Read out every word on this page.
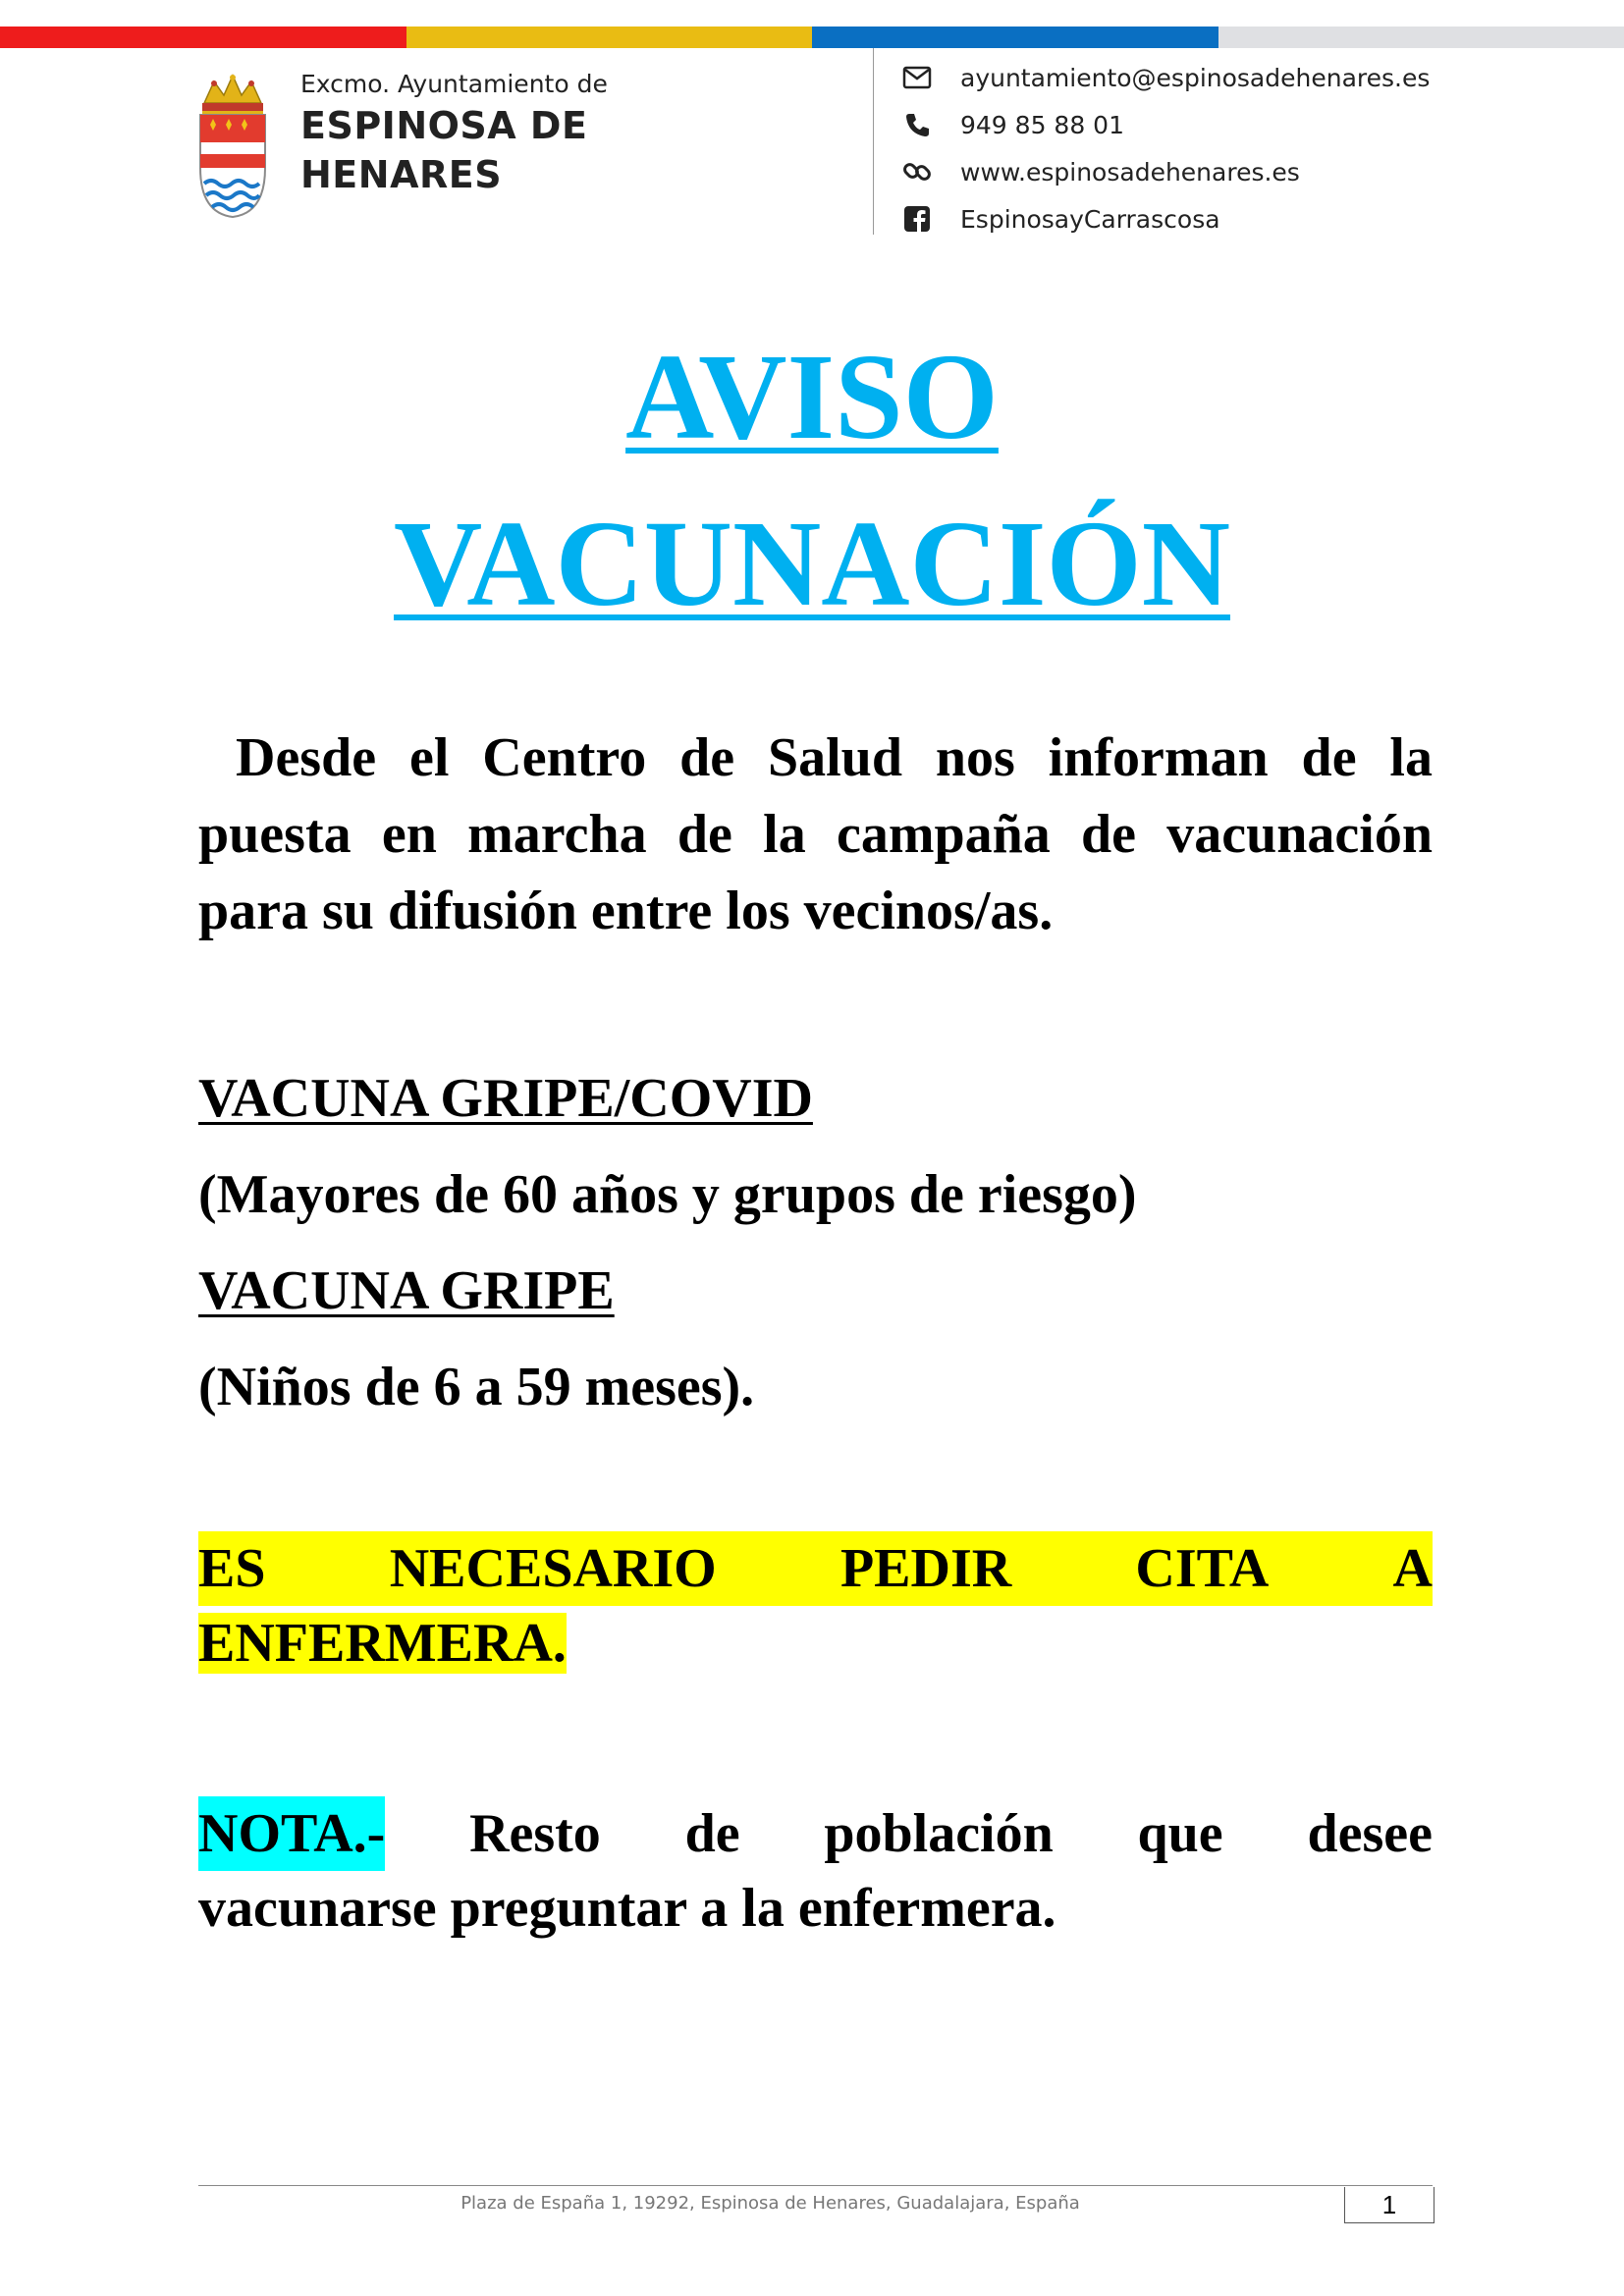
Excmo. Ayuntamiento de
ESPINOSA DE
HENARES
ayuntamiento@espinosadehenares.es
949 85 88 01
www.espinosadehenares.es
EspinosayCarrascosa
AVISO
VACUNACIÓN

Desde el Centro de Salud nos informan de la puesta en marcha de la campaña de vacunación para su difusión entre los vecinos/as.

VACUNA GRIPE/COVID
(Mayores de 60 años y grupos de riesgo)
VACUNA GRIPE
(Niños de 6 a 59 meses).
ES NECESARIO PEDIR CITA A
ENFERMERA.
NOTA.- Resto de población que desee
vacunarse preguntar a la enfermera.
Plaza de España 1, 19292, Espinosa de Henares, Guadalajara, España	1
